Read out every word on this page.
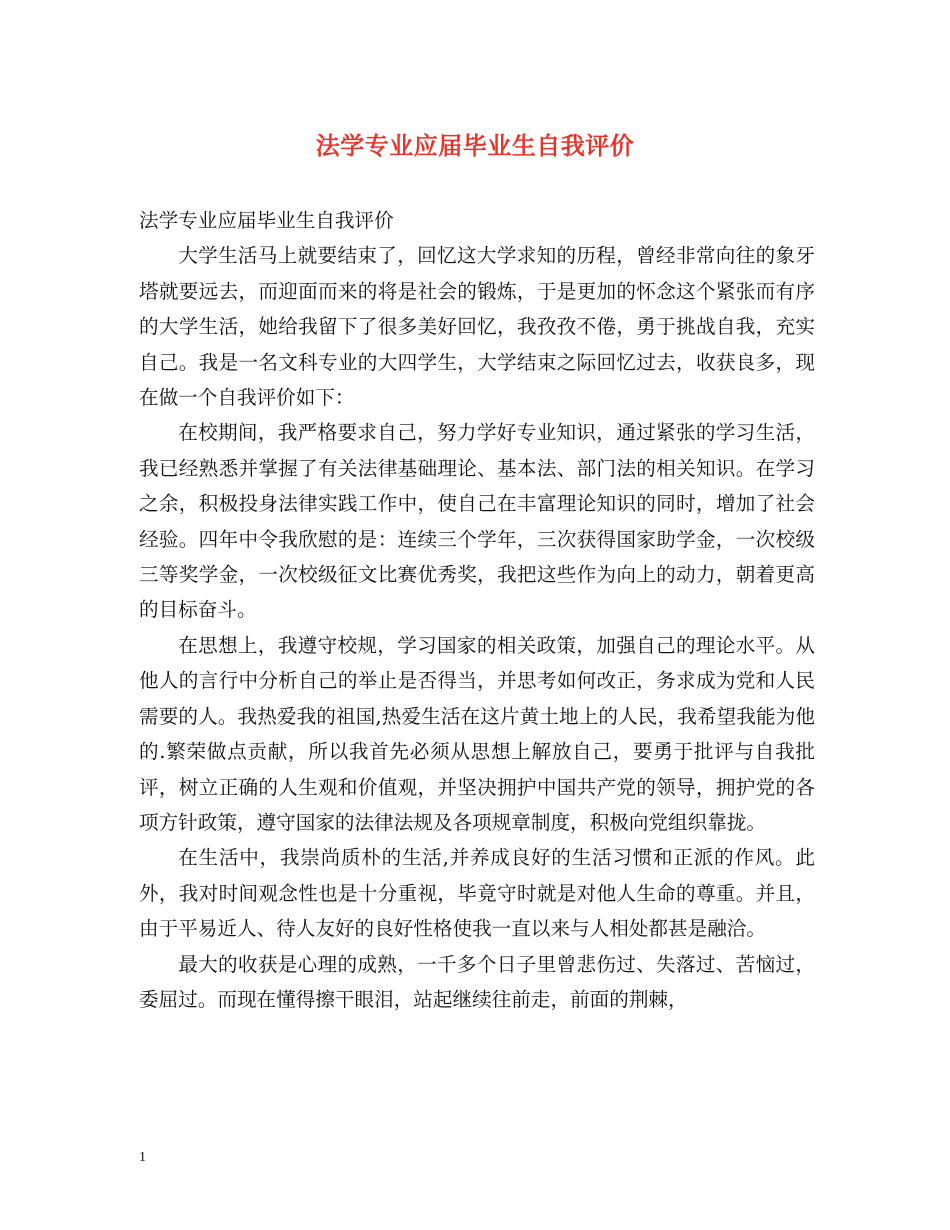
法学专业应届毕业生自我评价

法学专业应届毕业生自我评价

大学生活马上就要结束了，回忆这大学求知的历程，曾经非常向往的象牙塔就要远去，而迎面而来的将是社会的锻炼，于是更加的怀念这个紧张而有序的大学生活，她给我留下了很多美好回忆，我孜孜不倦，勇于挑战自我，充实自己。我是一名文科专业的大四学生，大学结束之际回忆过去，收获良多，现在做一个自我评价如下：

在校期间，我严格要求自己，努力学好专业知识，通过紧张的学习生活，我已经熟悉并掌握了有关法律基础理论、基本法、部门法的相关知识。在学习之余，积极投身法律实践工作中，使自己在丰富理论知识的同时，增加了社会经验。四年中令我欣慰的是：连续三个学年，三次获得国家助学金，一次校级三等奖学金，一次校级征文比赛优秀奖，我把这些作为向上的动力，朝着更高的目标奋斗。

在思想上，我遵守校规，学习国家的相关政策，加强自己的理论水平。从他人的言行中分析自己的举止是否得当，并思考如何改正，务求成为党和人民需要的人。我热爱我的祖国,热爱生活在这片黄土地上的人民，我希望我能为他的.繁荣做点贡献，所以我首先必须从思想上解放自己，要勇于批评与自我批评，树立正确的人生观和价值观，并坚决拥护中国共产党的领导，拥护党的各项方针政策，遵守国家的法律法规及各项规章制度，积极向党组织靠拢。

在生活中，我崇尚质朴的生活,并养成良好的生活习惯和正派的作风。此外，我对时间观念性也是十分重视，毕竟守时就是对他人生命的尊重。并且，由于平易近人、待人友好的良好性格使我一直以来与人相处都甚是融洽。

最大的收获是心理的成熟，一千多个日子里曾悲伤过、失落过、苦恼过，委屈过。而现在懂得擦干眼泪，站起继续往前走，前面的荆棘，

1
